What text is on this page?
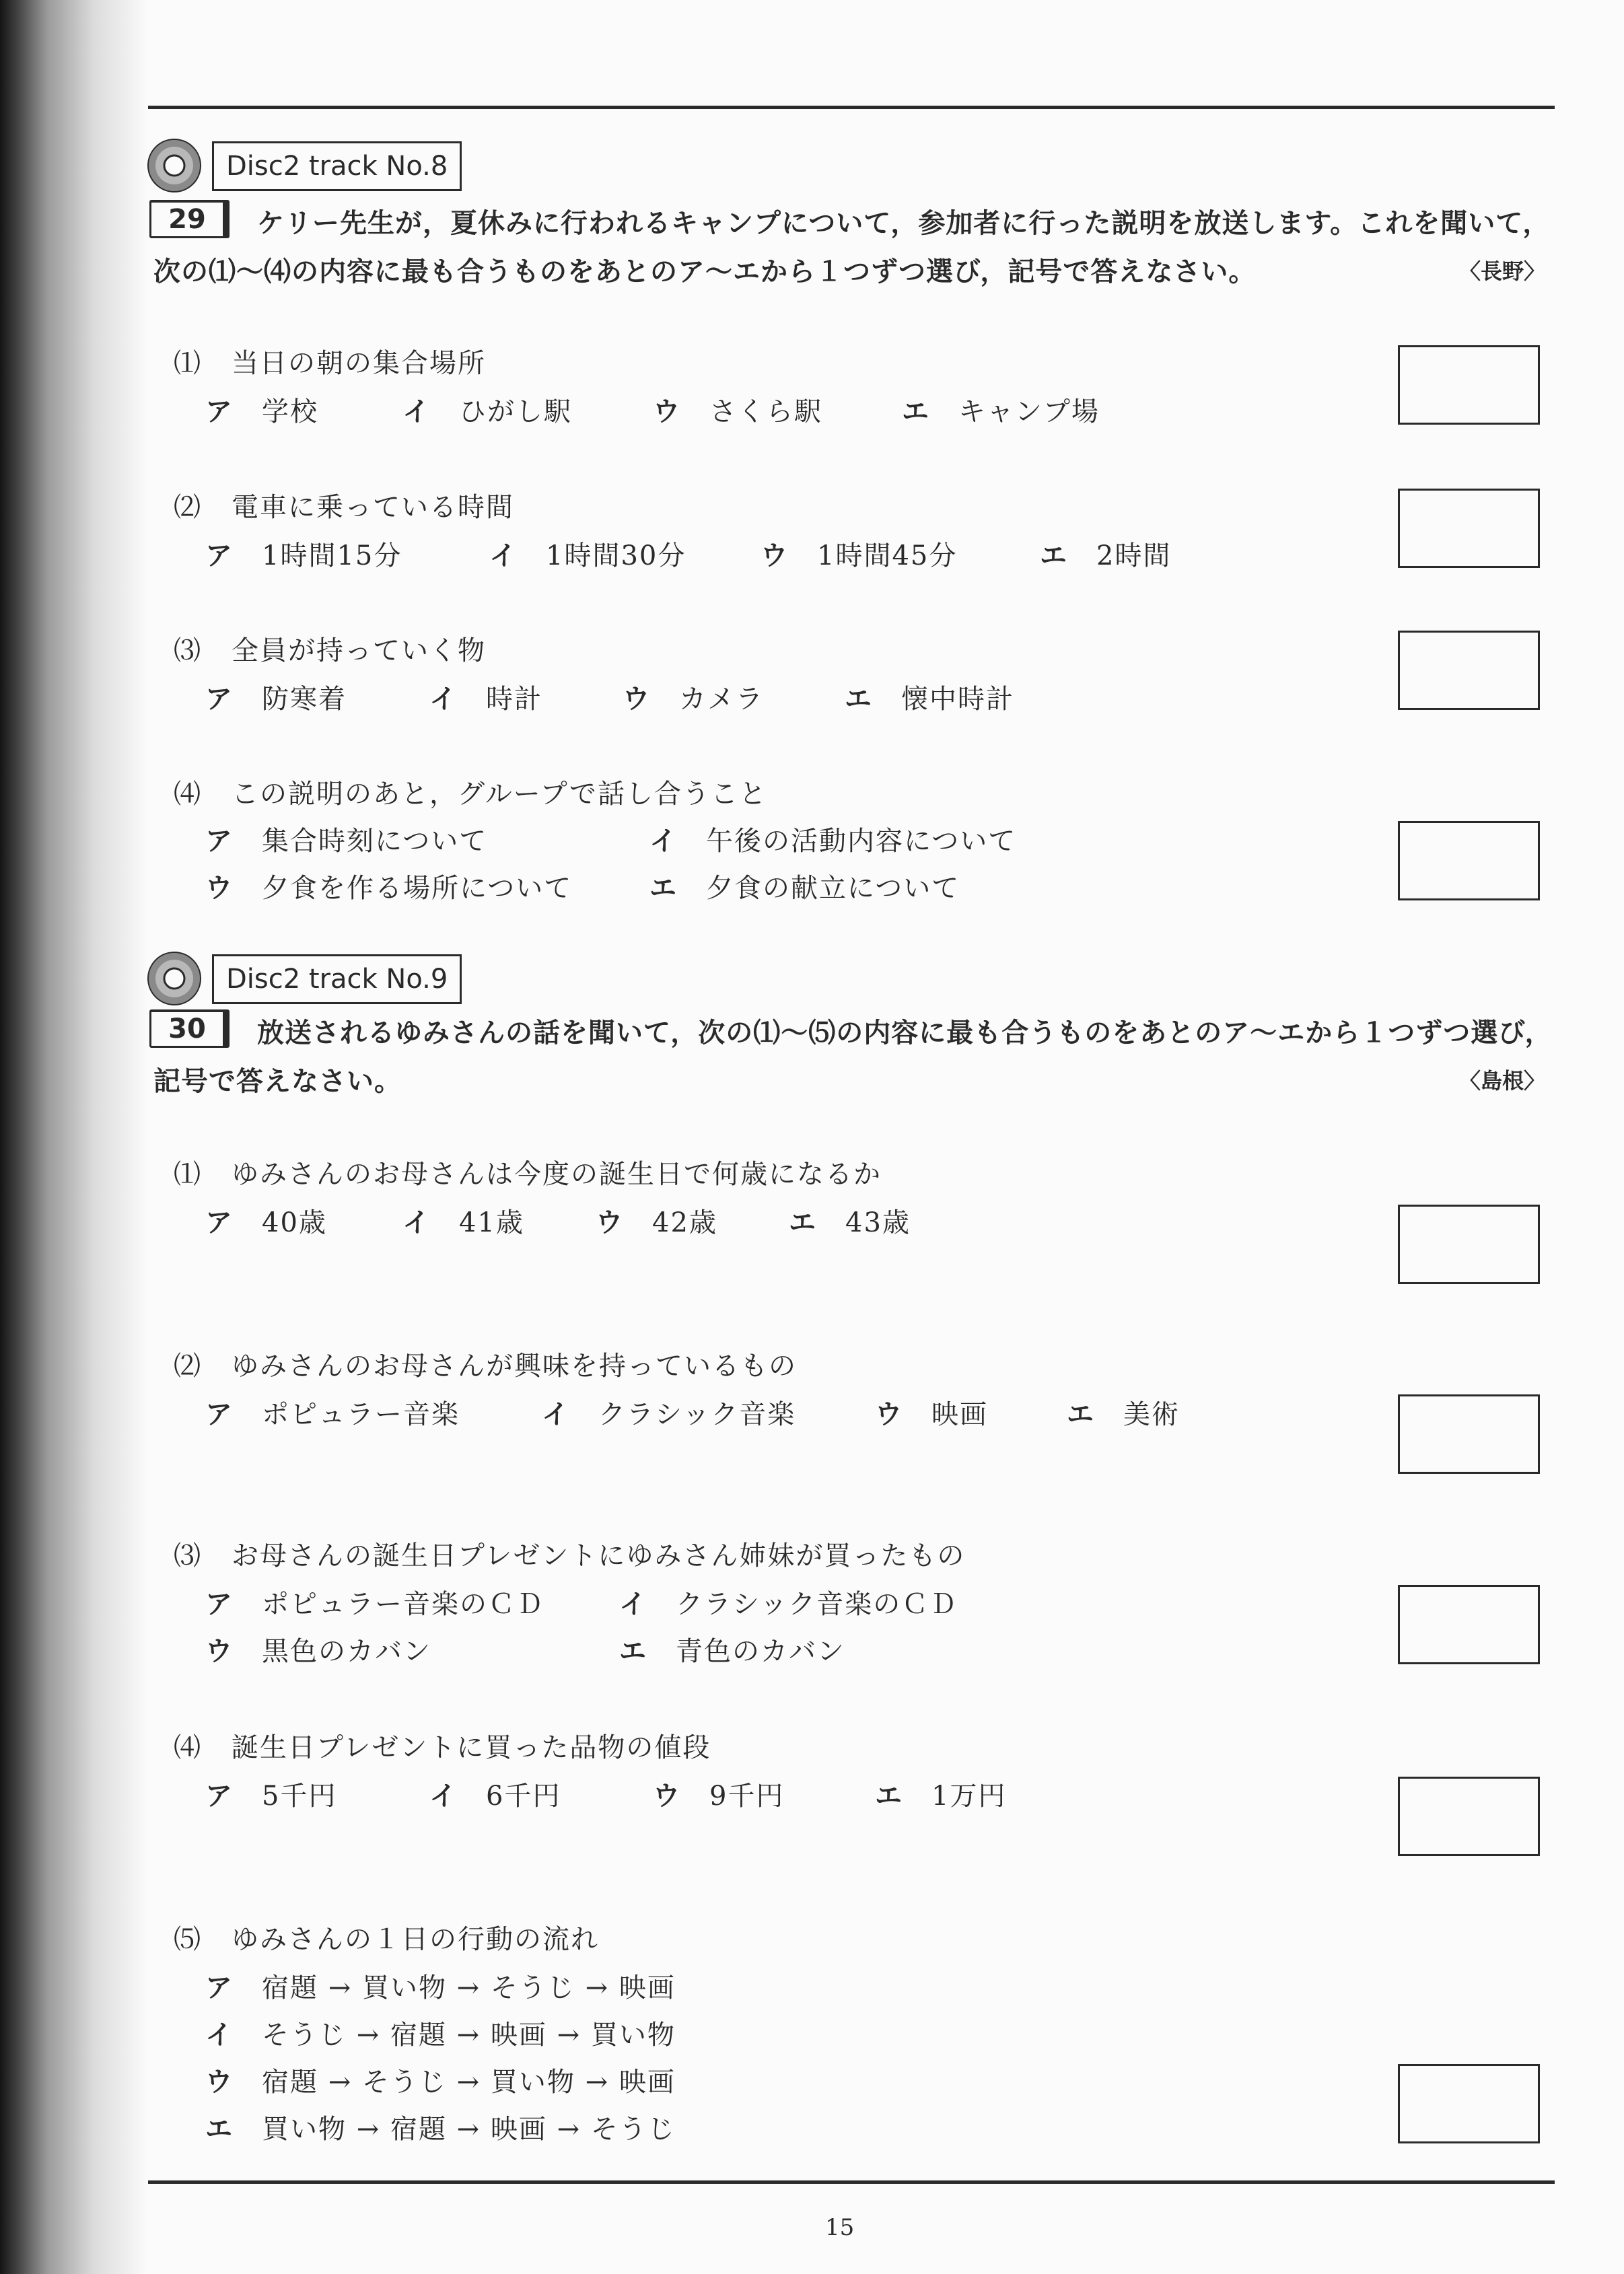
Disc2 track No.8
29	ケリー先生が，夏休みに行われるキャンプについて，参加者に行った説明を放送します。これを聞いて，
次の⑴～⑷の内容に最も合うものをあとのア～エから１つずつ選び，記号で答えなさい。	〈長野〉
⑴ 当日の朝の集合場所
ア 学校	イ ひがし駅	ウ さくら駅	エ キャンプ場
⑵ 電車に乗っている時間
ア 1時間15分	イ 1時間30分	ウ 1時間45分	エ 2時間
⑶ 全員が持っていく物
ア 防寒着	イ 時計	ウ カメラ	エ 懐中時計
⑷ この説明のあと，グループで話し合うこと
ア 集合時刻について	イ 午後の活動内容について
ウ 夕食を作る場所について	エ 夕食の献立について
Disc2 track No.9
30	放送されるゆみさんの話を聞いて，次の⑴～⑸の内容に最も合うものをあとのア～エから１つずつ選び，
記号で答えなさい。	〈島根〉
⑴ ゆみさんのお母さんは今度の誕生日で何歳になるか
ア 40歳	イ 41歳	ウ 42歳	エ 43歳
⑵ ゆみさんのお母さんが興味を持っているもの
ア ポピュラー音楽	イ クラシック音楽	ウ 映画	エ 美術
⑶ お母さんの誕生日プレゼントにゆみさん姉妹が買ったもの
ア ポピュラー音楽のＣＤ	イ クラシック音楽のＣＤ
ウ 黒色のカバン	エ 青色のカバン
⑷ 誕生日プレゼントに買った品物の値段
ア 5千円	イ 6千円	ウ 9千円	エ 1万円
⑸ ゆみさんの１日の行動の流れ
ア 宿題 → 買い物 → そうじ → 映画
イ そうじ → 宿題 → 映画 → 買い物
ウ 宿題 → そうじ → 買い物 → 映画
エ 買い物 → 宿題 → 映画 → そうじ
15
